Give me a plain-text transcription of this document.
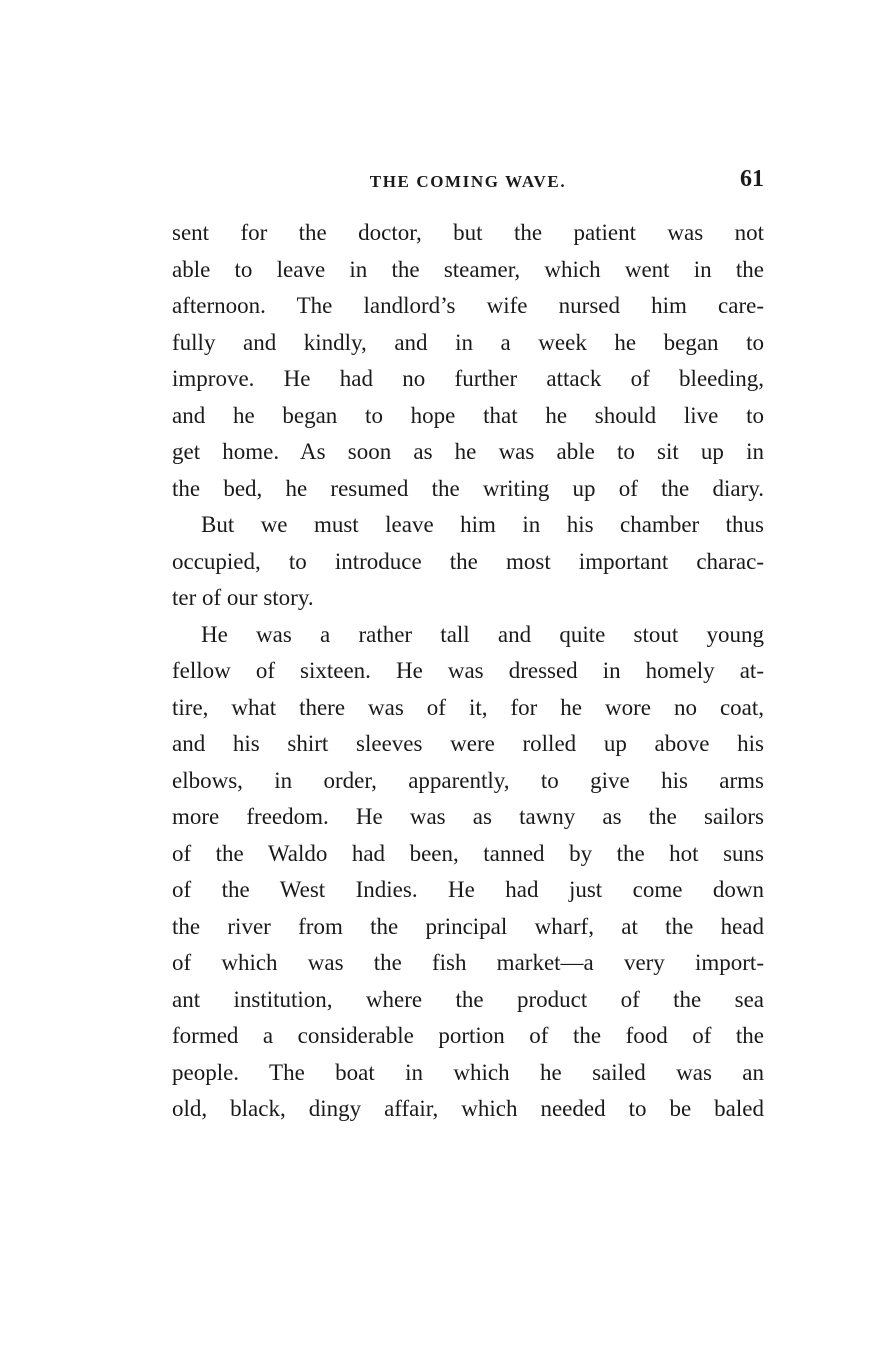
THE COMING WAVE.	61

sent for the doctor, but the patient was not
able to leave in the steamer, which went in the
afternoon. The landlord’s wife nursed him care-
fully and kindly, and in a week he began to
improve. He had no further attack of bleeding,
and he began to hope that he should live to
get home. As soon as he was able to sit up in
the bed, he resumed the writing up of the diary.

But we must leave him in his chamber thus
occupied, to introduce the most important charac-
ter of our story.

He was a rather tall and quite stout young
fellow of sixteen. He was dressed in homely at-
tire, what there was of it, for he wore no coat,
and his shirt sleeves were rolled up above his
elbows, in order, apparently, to give his arms
more freedom. He was as tawny as the sailors
of the Waldo had been, tanned by the hot suns
of the West Indies. He had just come down
the river from the principal wharf, at the head
of which was the fish market—a very import-
ant institution, where the product of the sea
formed a considerable portion of the food of the
people. The boat in which he sailed was an
old, black, dingy affair, which needed to be baled
